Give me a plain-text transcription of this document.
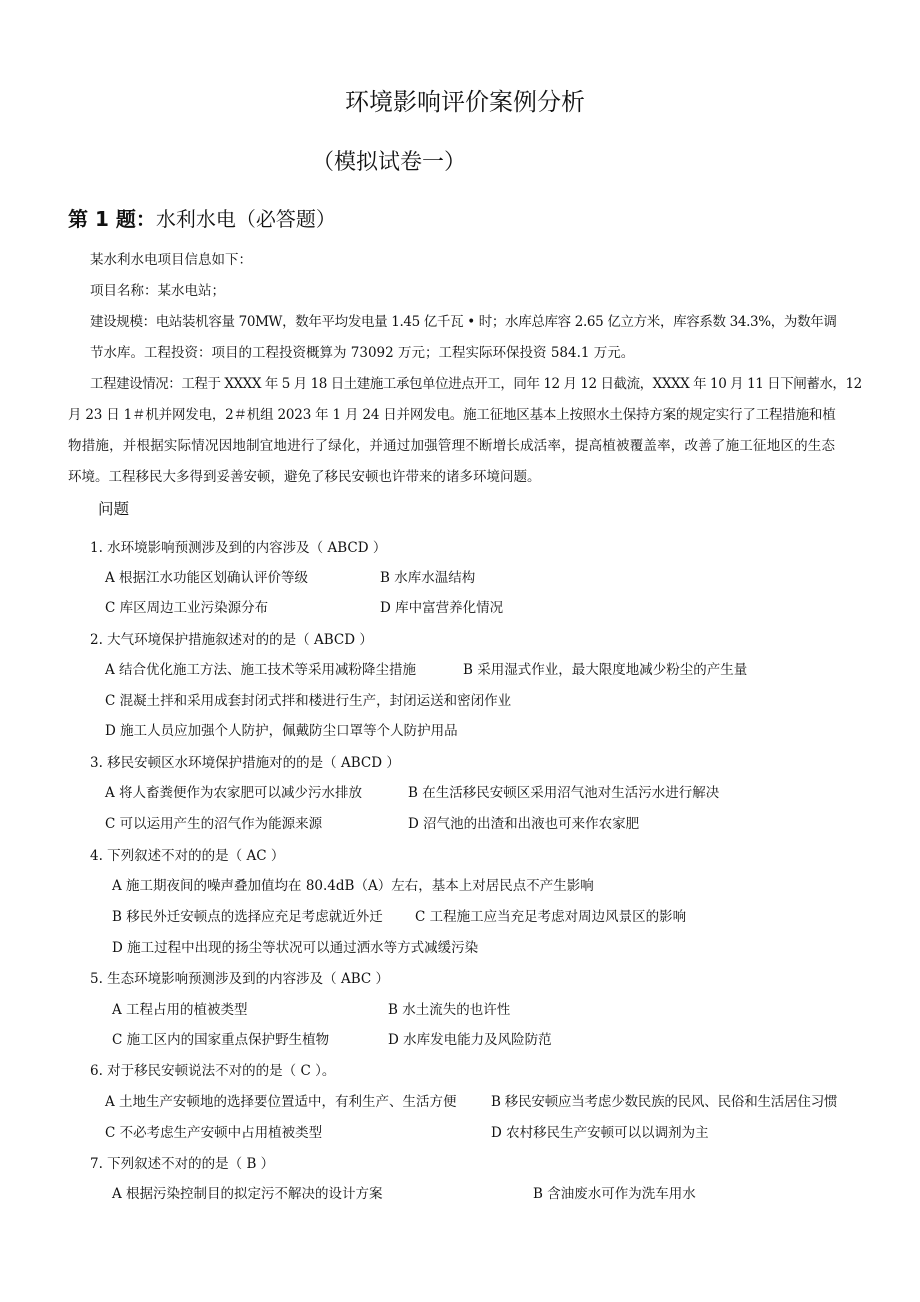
环境影响评价案例分析
（模拟试卷一）
第 1 题：水利水电（必答题）
某水利水电项目信息如下：
项目名称：某水电站；
建设规模：电站装机容量 70MW，数年平均发电量 1.45 亿千瓦 • 时；水库总库容 2.65 亿立方米，库容系数 34.3%，为数年调
节水库。工程投资：项目的工程投资概算为 73092 万元；工程实际环保投资 584.1 万元。
工程建设情况：工程于 XXXX 年 5 月 18 日土建施工承包单位进点开工，同年 12 月 12 日截流，XXXX 年 10 月 11 日下闸蓄水，12
月 23 日 1＃机并网发电，2＃机组 2023 年 1 月 24 日并网发电。施工征地区基本上按照水土保持方案的规定实行了工程措施和植
物措施，并根据实际情况因地制宜地进行了绿化，并通过加强管理不断增长成活率，提高植被覆盖率，改善了施工征地区的生态
环境。工程移民大多得到妥善安顿，避免了移民安顿也许带来的诸多环境问题。
问题
1. 水环境影响预测涉及到的内容涉及（ ABCD ）
A 根据江水功能区划确认评价等级	B 水库水温结构
C 库区周边工业污染源分布	D 库中富营养化情况
2. 大气环境保护措施叙述对的的是（ ABCD ）
A 结合优化施工方法、施工技术等采用减粉降尘措施	B 采用湿式作业，最大限度地减少粉尘的产生量
C 混凝土拌和采用成套封闭式拌和楼进行生产，封闭运送和密闭作业
D 施工人员应加强个人防护，佩戴防尘口罩等个人防护用品
3. 移民安顿区水环境保护措施对的的是（ ABCD ）
A 将人畜粪便作为农家肥可以减少污水排放	B 在生活移民安顿区采用沼气池对生活污水进行解决
C 可以运用产生的沼气作为能源来源	D 沼气池的出渣和出液也可来作农家肥
4. 下列叙述不对的的是（ AC ）
A 施工期夜间的噪声叠加值均在 80.4dB（A）左右，基本上对居民点不产生影响
B 移民外迁安顿点的选择应充足考虑就近外迁 C 工程施工应当充足考虑对周边风景区的影响
D 施工过程中出现的扬尘等状况可以通过洒水等方式减缓污染
5. 生态环境影响预测涉及到的内容涉及（ ABC ）
A 工程占用的植被类型	B 水土流失的也许性
C 施工区内的国家重点保护野生植物	D 水库发电能力及风险防范
6. 对于移民安顿说法不对的的是（ C ）。
A 土地生产安顿地的选择要位置适中，有利生产、生活方便	B 移民安顿应当考虑少数民族的民风、民俗和生活居住习惯
C 不必考虑生产安顿中占用植被类型	D 农村移民生产安顿可以以调剂为主
7. 下列叙述不对的的是（ B ）
A 根据污染控制目的拟定污不解决的设计方案	B 含油废水可作为洗车用水
